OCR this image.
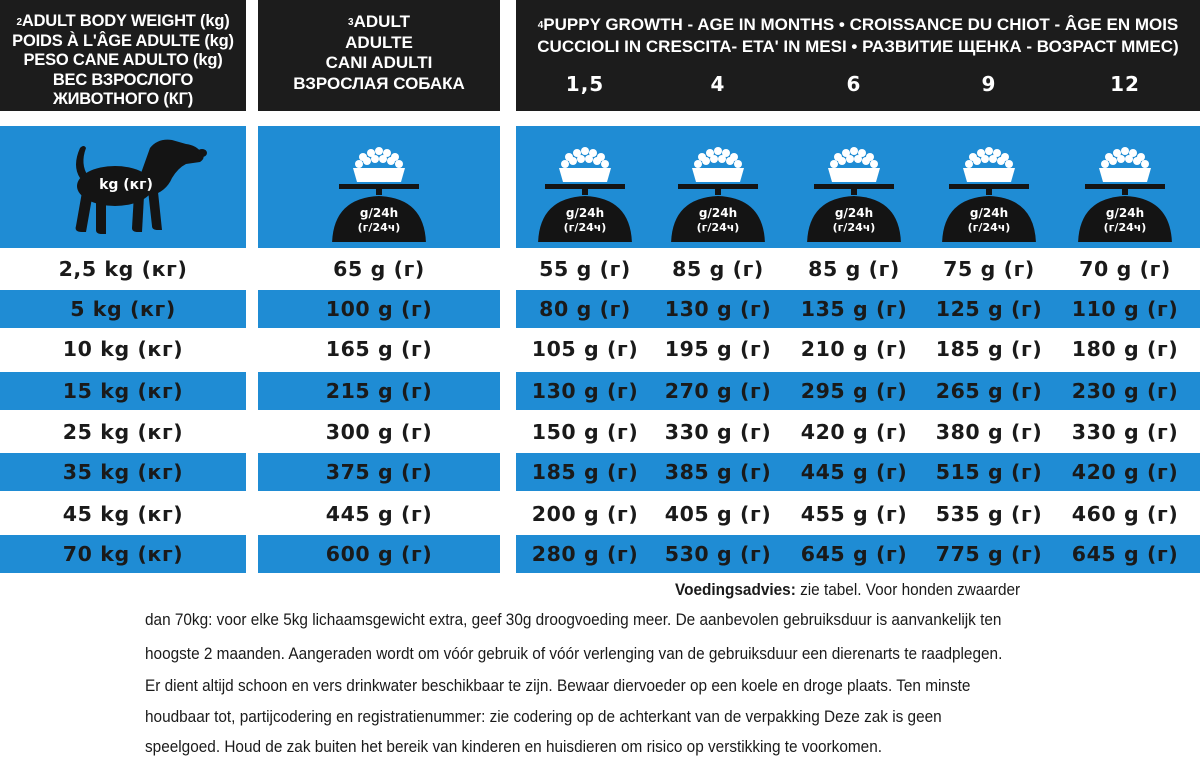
$^2$ADULT BODY WEIGHT (kg)
POIDS À L'ÂGE ADULTE (kg)
PESO CANE ADULTO (kg)
ВЕС ВЗРОСЛОГО ЖИВОТНОГО (КГ)
$^3$ADULT
ADULTE
CANI ADULTI
ВЗРОСЛАЯ СОБАКА
$^4$PUPPY GROWTH - AGE IN MONTHS • CROISSANCE DU CHIOT - ÂGE EN MOIS
CUCCIOLI IN CRESCITA- ETA' IN MESI • РАЗВИТИЕ ЩЕНКА - ВОЗРАСТ ММЕС)
1,5	4	6	9	12
kg (кг)
g/24h
(г/24ч)
g/24h
(г/24ч)
g/24h
(г/24ч)
g/24h
(г/24ч)
g/24h
(г/24ч)
g/24h
(г/24ч)
2,5 kg (кг)	65 g (г)	55 g (г)	85 g (г)	85 g (г)	75 g (г)	70 g (г)
5 kg (кг)	100 g (г)	80 g (г)	130 g (г)	135 g (г)	125 g (г)	110 g (г)
10 kg (кг)	165 g (г)	105 g (г)	195 g (г)	210 g (г)	185 g (г)	180 g (г)
15 kg (кг)	215 g (г)	130 g (г)	270 g (г)	295 g (г)	265 g (г)	230 g (г)
25 kg (кг)	300 g (г)	150 g (г)	330 g (г)	420 g (г)	380 g (г)	330 g (г)
35 kg (кг)	375 g (г)	185 g (г)	385 g (г)	445 g (г)	515 g (г)	420 g (г)
45 kg (кг)	445 g (г)	200 g (г)	405 g (г)	455 g (г)	535 g (г)	460 g (г)
70 kg (кг)	600 g (г)	280 g (г)	530 g (г)	645 g (г)	775 g (г)	645 g (г)
Voedingsadvies: zie tabel. Voor honden zwaarder
dan 70kg: voor elke 5kg lichaamsgewicht extra, geef 30g droogvoeding meer. De aanbevolen gebruiksduur is aanvankelijk ten
hoogste 2 maanden. Aangeraden wordt om vóór gebruik of vóór verlenging van de gebruiksduur een dierenarts te raadplegen.
Er dient altijd schoon en vers drinkwater beschikbaar te zijn. Bewaar diervoeder op een koele en droge plaats. Ten minste
houdbaar tot, partijcodering en registratienummer: zie codering op de achterkant van de verpakking Deze zak is geen
speelgoed. Houd de zak buiten het bereik van kinderen en huisdieren om risico op verstikking te voorkomen.
